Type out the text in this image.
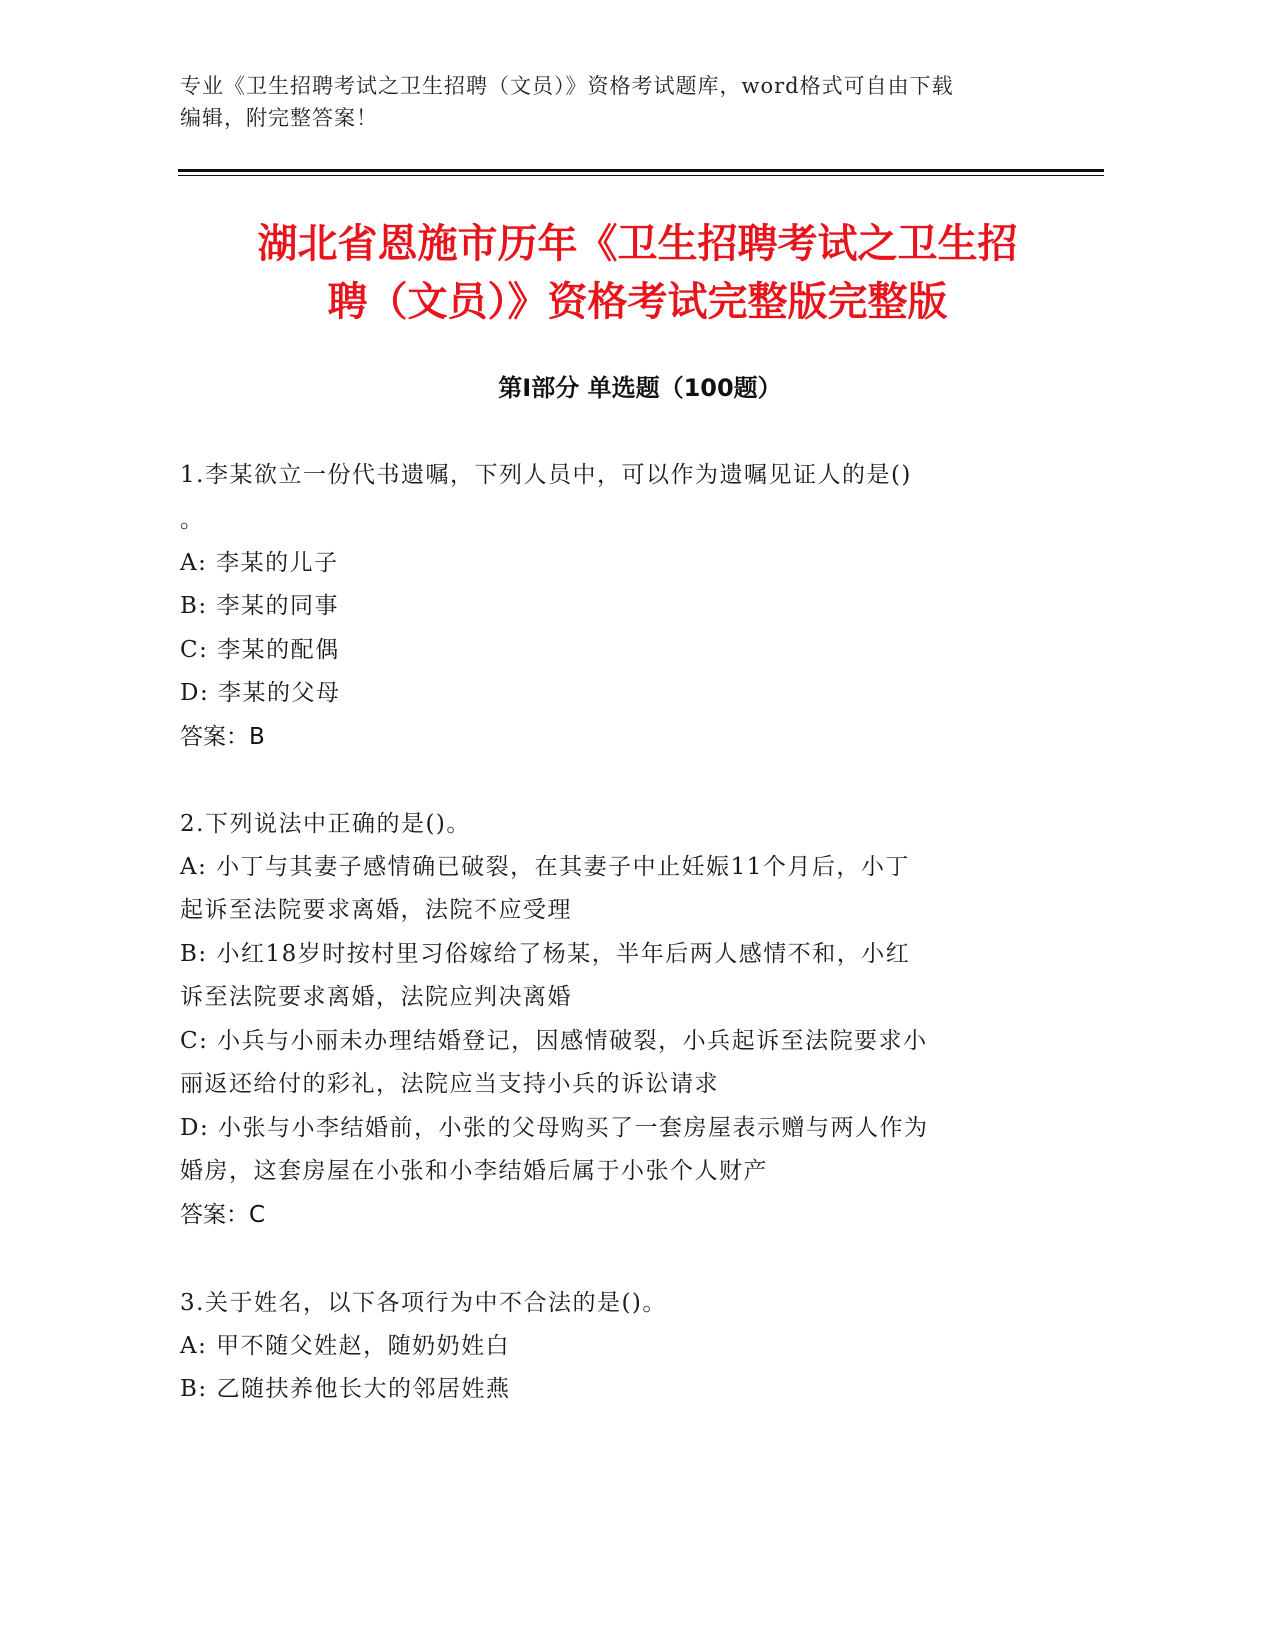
专业《卫生招聘考试之卫生招聘（文员）》资格考试题库，word格式可自由下载
编辑，附完整答案！
湖北省恩施市历年《卫生招聘考试之卫生招
聘（文员）》资格考试完整版完整版
第Ⅰ部分 单选题（100题）
1.李某欲立一份代书遗嘱，下列人员中，可以作为遗嘱见证人的是()
。
A: 李某的儿子
B: 李某的同事
C: 李某的配偶
D: 李某的父母
答案：B
2.下列说法中正确的是()。
A: 小丁与其妻子感情确已破裂，在其妻子中止妊娠11个月后，小丁
起诉至法院要求离婚，法院不应受理
B: 小红18岁时按村里习俗嫁给了杨某，半年后两人感情不和，小红
诉至法院要求离婚，法院应判决离婚
C: 小兵与小丽未办理结婚登记，因感情破裂，小兵起诉至法院要求小
丽返还给付的彩礼，法院应当支持小兵的诉讼请求
D: 小张与小李结婚前，小张的父母购买了一套房屋表示赠与两人作为
婚房，这套房屋在小张和小李结婚后属于小张个人财产
答案：C
3.关于姓名，以下各项行为中不合法的是()。
A: 甲不随父姓赵，随奶奶姓白
B: 乙随扶养他长大的邻居姓燕
